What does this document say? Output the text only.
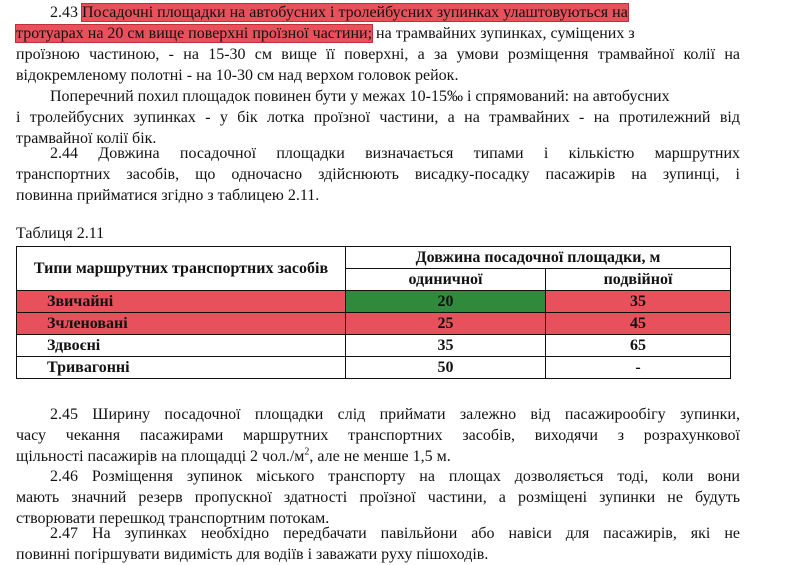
2.43 Посадочні площадки на автобусних і тролейбусних зупинках улаштовуються на
тротуарах на 20 см вище поверхні проїзної частини; на трамвайних зупинках, суміщених з
проїзною частиною, - на 15-30 см вище її поверхні, а за умови розміщення трамвайної колії на
відокремленому полотні - на 10-30 см над верхом головок рейок.
Поперечний похил площадок повинен бути у межах 10-15‰ і спрямований: на автобусних
і тролейбусних зупинках - у бік лотка проїзної частини, а на трамвайних - на протилежний від
трамвайної колії бік.
2.44 Довжина посадочної площадки визначається типами і кількістю маршрутних
транспортних засобів, що одночасно здійснюють висадку-посадку пасажирів на зупинці, і
повинна прийматися згідно з таблицею 2.11.
Таблиця 2.11
Типи маршрутних транспортних засобів	Довжина посадочної площадки, м	
	одиничної	подвійної
Звичайні	20	35
Зчленовані	25	45
Здвоєні	35	65
Тривагонні	50	-
2.45 Ширину посадочної площадки слід приймати залежно від пасажирообігу зупинки,
часу чекання пасажирами маршрутних транспортних засобів, виходячи з розрахункової
щільності пасажирів на площадці 2 $чол./м^2$, але не менше 1,5 м.
2.46 Розміщення зупинок міського транспорту на площах дозволяється тоді, коли вони
мають значний резерв пропускної здатності проїзної частини, а розміщені зупинки не будуть
створювати перешкод транспортним потокам.
2.47 На зупинках необхідно передбачати павільйони або навіси для пасажирів, які не
повинні погіршувати видимість для водіїв і заважати руху пішоходів.
